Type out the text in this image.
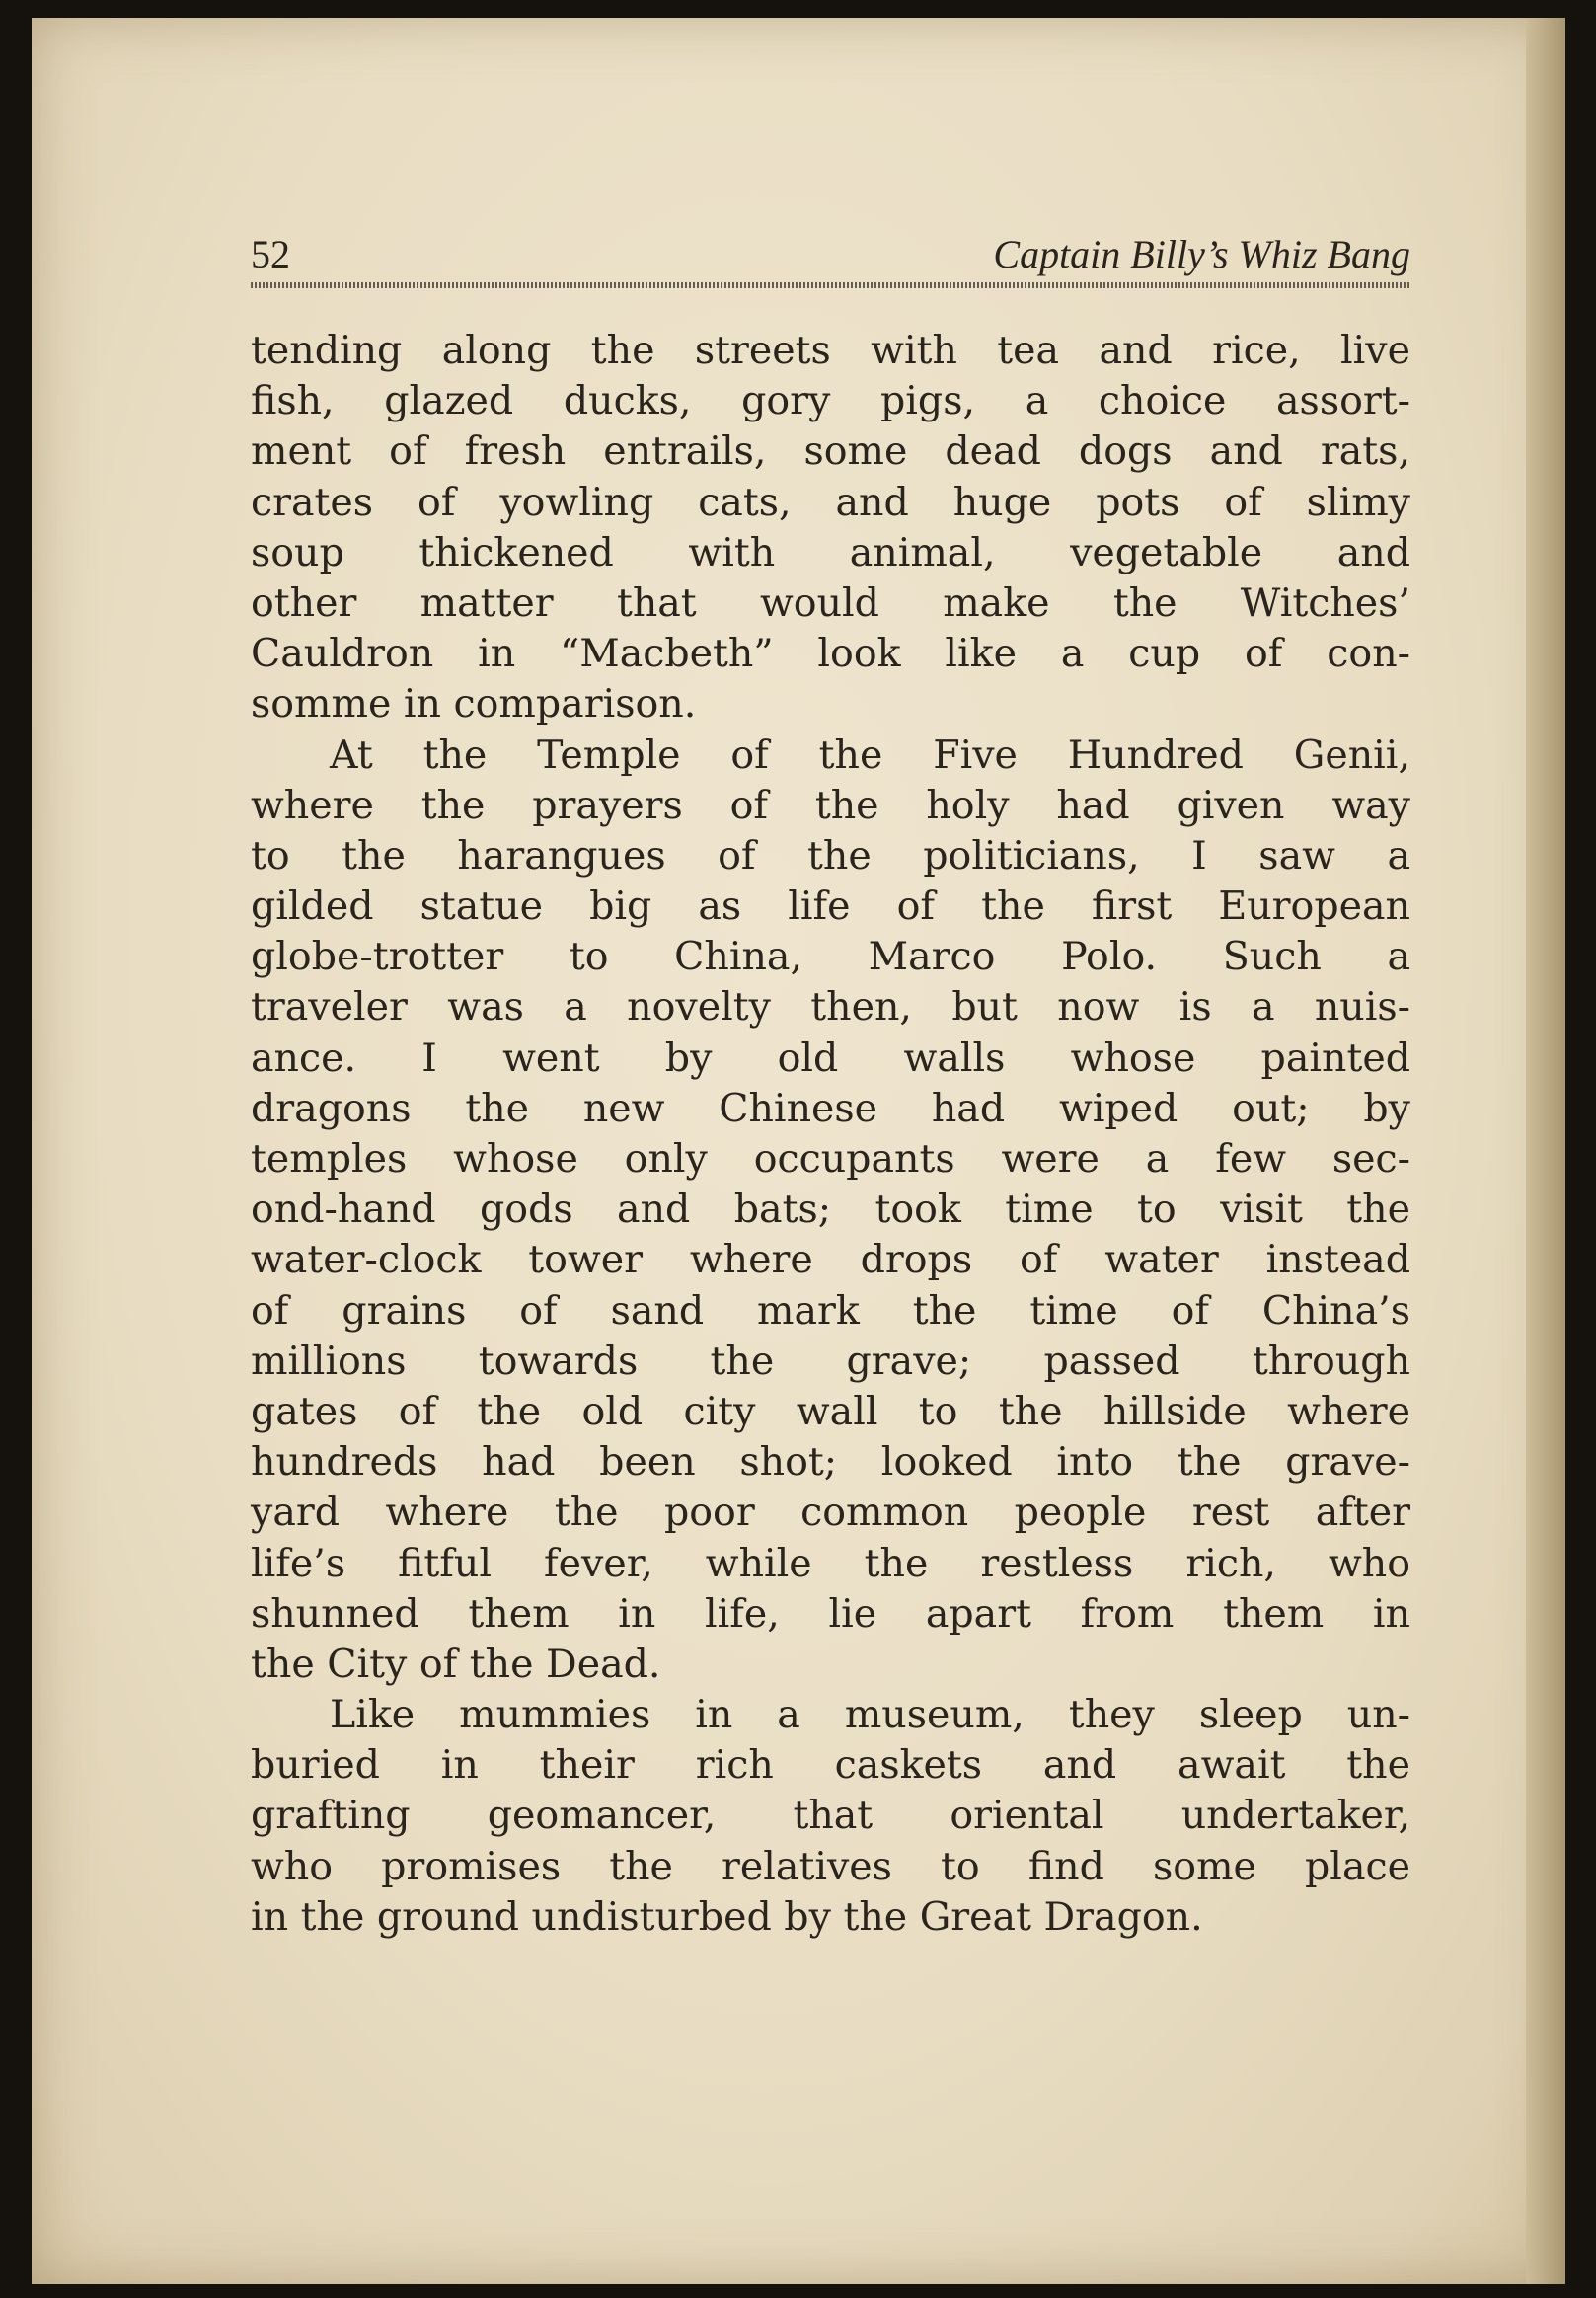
52	Captain Billy’s Whiz Bang
tending along the streets with tea and rice, live
fish, glazed ducks, gory pigs, a choice assort-
ment of fresh entrails, some dead dogs and rats,
crates of yowling cats, and huge pots of slimy
soup thickened with animal, vegetable and
other matter that would make the Witches’
Cauldron in “Macbeth” look like a cup of con-
somme in comparison.
At the Temple of the Five Hundred Genii,
where the prayers of the holy had given way
to the harangues of the politicians, I saw a
gilded statue big as life of the first European
globe-trotter to China, Marco Polo. Such a
traveler was a novelty then, but now is a nuis-
ance. I went by old walls whose painted
dragons the new Chinese had wiped out; by
temples whose only occupants were a few sec-
ond-hand gods and bats; took time to visit the
water-clock tower where drops of water instead
of grains of sand mark the time of China’s
millions towards the grave; passed through
gates of the old city wall to the hillside where
hundreds had been shot; looked into the grave-
yard where the poor common people rest after
life’s fitful fever, while the restless rich, who
shunned them in life, lie apart from them in
the City of the Dead.
Like mummies in a museum, they sleep un-
buried in their rich caskets and await the
grafting geomancer, that oriental undertaker,
who promises the relatives to find some place
in the ground undisturbed by the Great Dragon.
